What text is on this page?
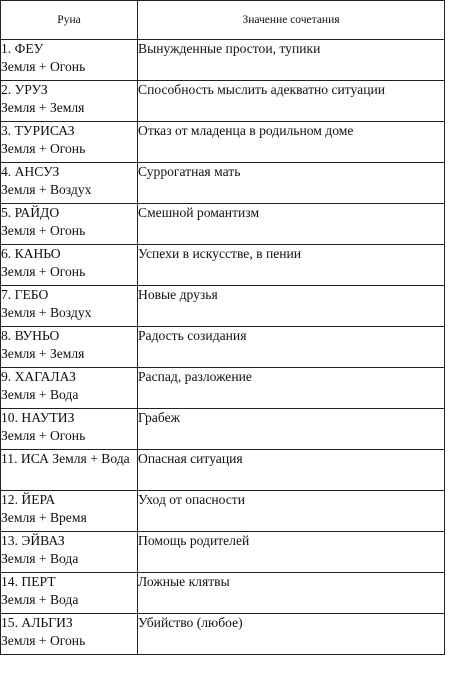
Руна	Значение сочетания

1. ФЕУ
Земля + Огонь	Вынужденные простои, тупики

2. УРУЗ
Земля + Земля	Способность мыслить адекватно ситуации

3. ТУРИСАЗ
Земля + Огонь	Отказ от младенца в родильном доме

4. АНСУЗ
Земля + Воздух	Суррогатная мать

5. РАЙДО
Земля + Огонь	Смешной романтизм

6. КАНЬО
Земля + Огонь	Успехи в искусстве, в пении

7. ГЕБО
Земля + Воздух	Новые друзья

8. ВУНЬО
Земля + Земля	Радость созидания

9. ХАГАЛАЗ
Земля + Вода	Распад, разложение

10. НАУТИЗ
Земля + Огонь	Грабеж

11. ИСА Земля + Вода	Опасная ситуация

12. ЙЕРА
Земля + Время	Уход от опасности

13. ЭЙВАЗ
Земля + Вода	Помощь родителей

14. ПЕРТ
Земля + Вода	Ложные клятвы

15. АЛЬГИЗ
Земля + Огонь	Убийство (любое)
